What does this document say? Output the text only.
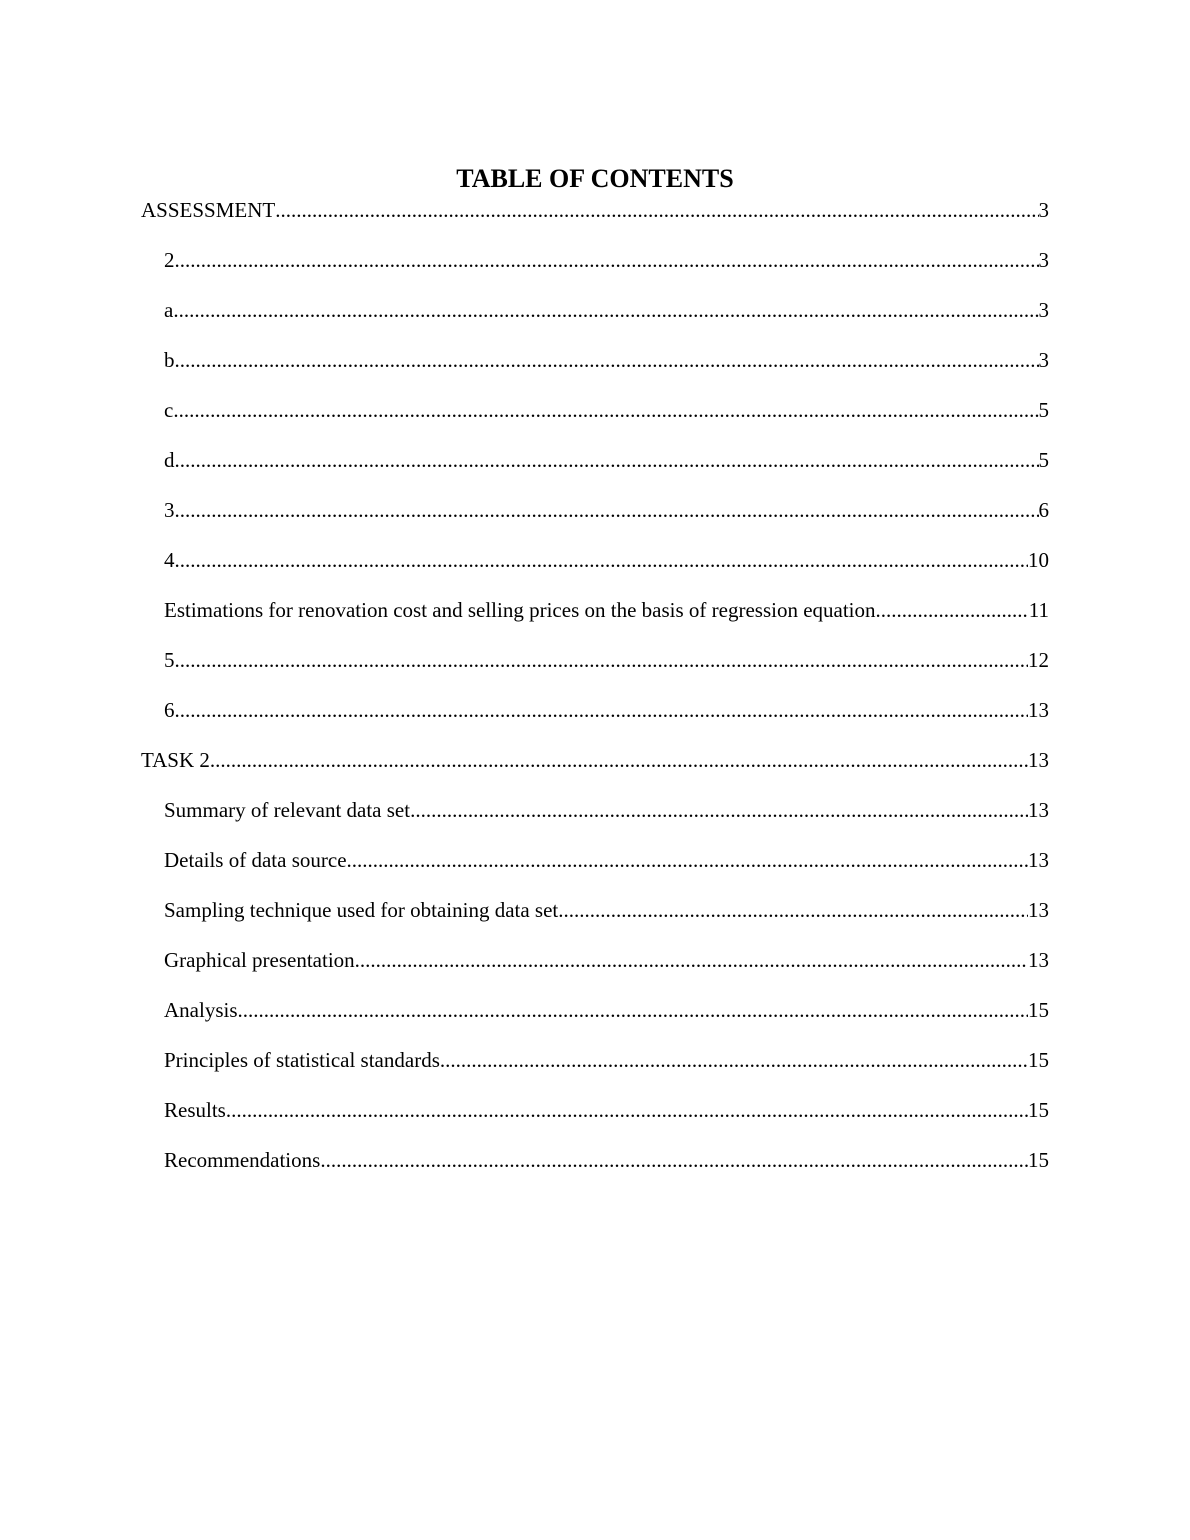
TABLE OF CONTENTS
ASSESSMENT .....	3
2 .....	3
a .....	3
b .....	3
c .....	5
d .....	5
3 .....	6
4 .....	10
Estimations for renovation cost and selling prices on the basis of regression equation .....	11
5 .....	12
6 .....	13
TASK 2 .....	13
Summary of relevant data set .....	13
Details of data source .....	13
Sampling technique used for obtaining data set .....	13
Graphical presentation .....	13
Analysis .....	15
Principles of statistical standards .....	15
Results .....	15
Recommendations .....	15
